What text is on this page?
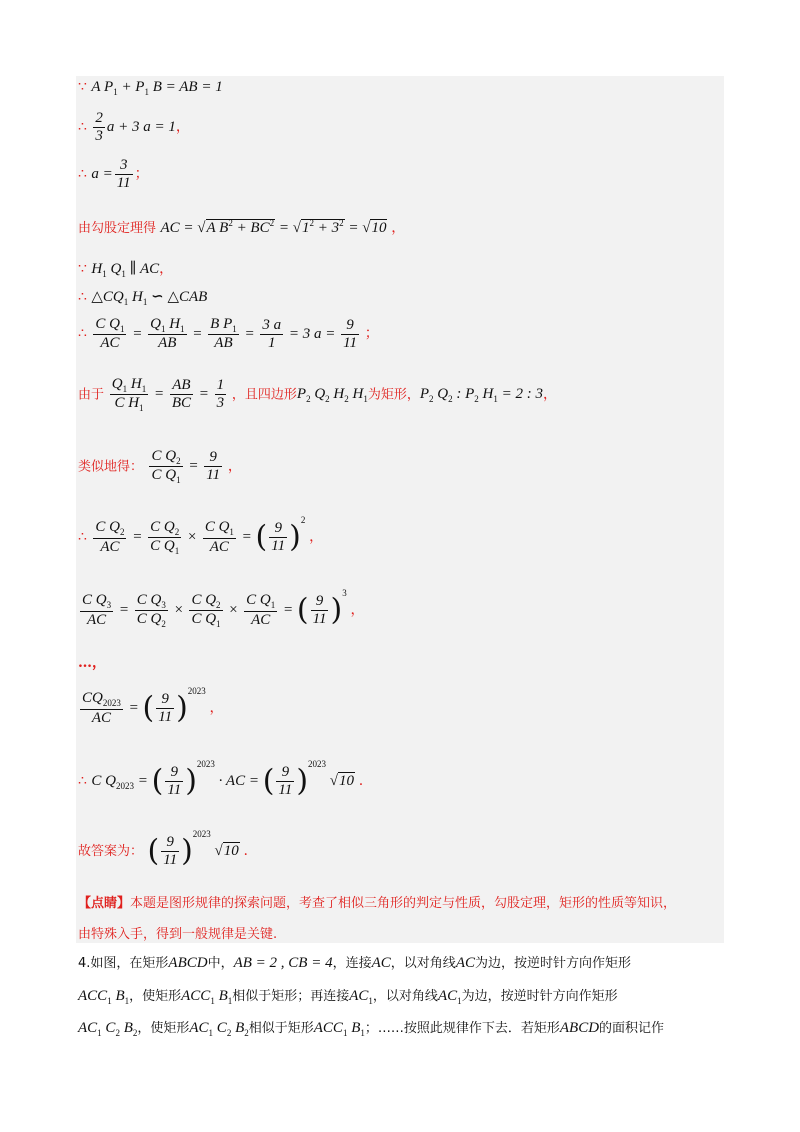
∵ A $P_1 + P_1$ B = AB = 1
∴ $\frac{2}{3}$ a + 3 a = 1，
∴ $a = \frac{3}{11}$ ；
由勾股定理得 AC = √A $B^2 + BC^2 = √1^2 + 3^2 = √10$ ，
∵ $H_1$ $Q_1$ ∥ AC，
∴ $\triangle CQ_1$ $H_1$ ∽ △CAB
∴ $\frac{C Q_1}{AC} = \frac{Q_1 H_1}{AB} = \frac{B P_1}{AB} = \frac{3 a}{1} = 3$ $a = \frac{9}{11}$ ；
由于 $\frac{Q_1 H_1}{C H_1} = \frac{AB}{BC} = \frac{1}{3}$ ，且四边形$P_2$ $Q_2$ $H_2$ $H_1$为矩形，$P_2$ $Q_2$ : $P_2$ $H_1 = 2$ : 3，
类似地得： $\frac{C Q_2}{C Q_1} = \frac{9}{11}$ ，
∴ $\frac{C Q_2}{AC} = \frac{C Q_2}{C Q_1} \times \frac{C Q_1}{AC}$ = ( $\frac{9}{11} )^2$ ，
$\frac{C Q_3}{AC} = \frac{C Q_3}{C Q_2} \times \frac{C Q_2}{C Q_1} \times \frac{C Q_1}{AC}$ = ( $\frac{9}{11} )^3$ ，
…，
$\frac{CQ_{2023}}{AC}$ = ( $\frac{9}{11} )^{2023}$ ，
∴ C $Q_{2023}$ = ( $\frac{9}{11} )^{2023}$ · AC = ( $\frac{9}{11} )^{2023}$ √10 .
故答案为： ( $\frac{9}{11} )^{2023}$ √10 .
【点睛】本题是图形规律的探索问题，考查了相似三角形的判定与性质，勾股定理，矩形的性质等知识，
由特殊入手，得到一般规律是关键.
4.如图，在矩形ABCD中，AB = 2 , CB = 4，连接AC，以对角线AC为边，按逆时针方向作矩形
$ACC_1$ $B_1$，使矩形$ACC_1$ $B_1$相似于矩形；再连接$AC_1$，以对角线$AC_1$为边，按逆时针方向作矩形
$AC_1$ $C_2$ $B_2$，使矩形$AC_1$ $C_2$ $B_2$相似于矩形$ACC_1$ $B_1$；……按照此规律作下去．若矩形ABCD的面积记作
